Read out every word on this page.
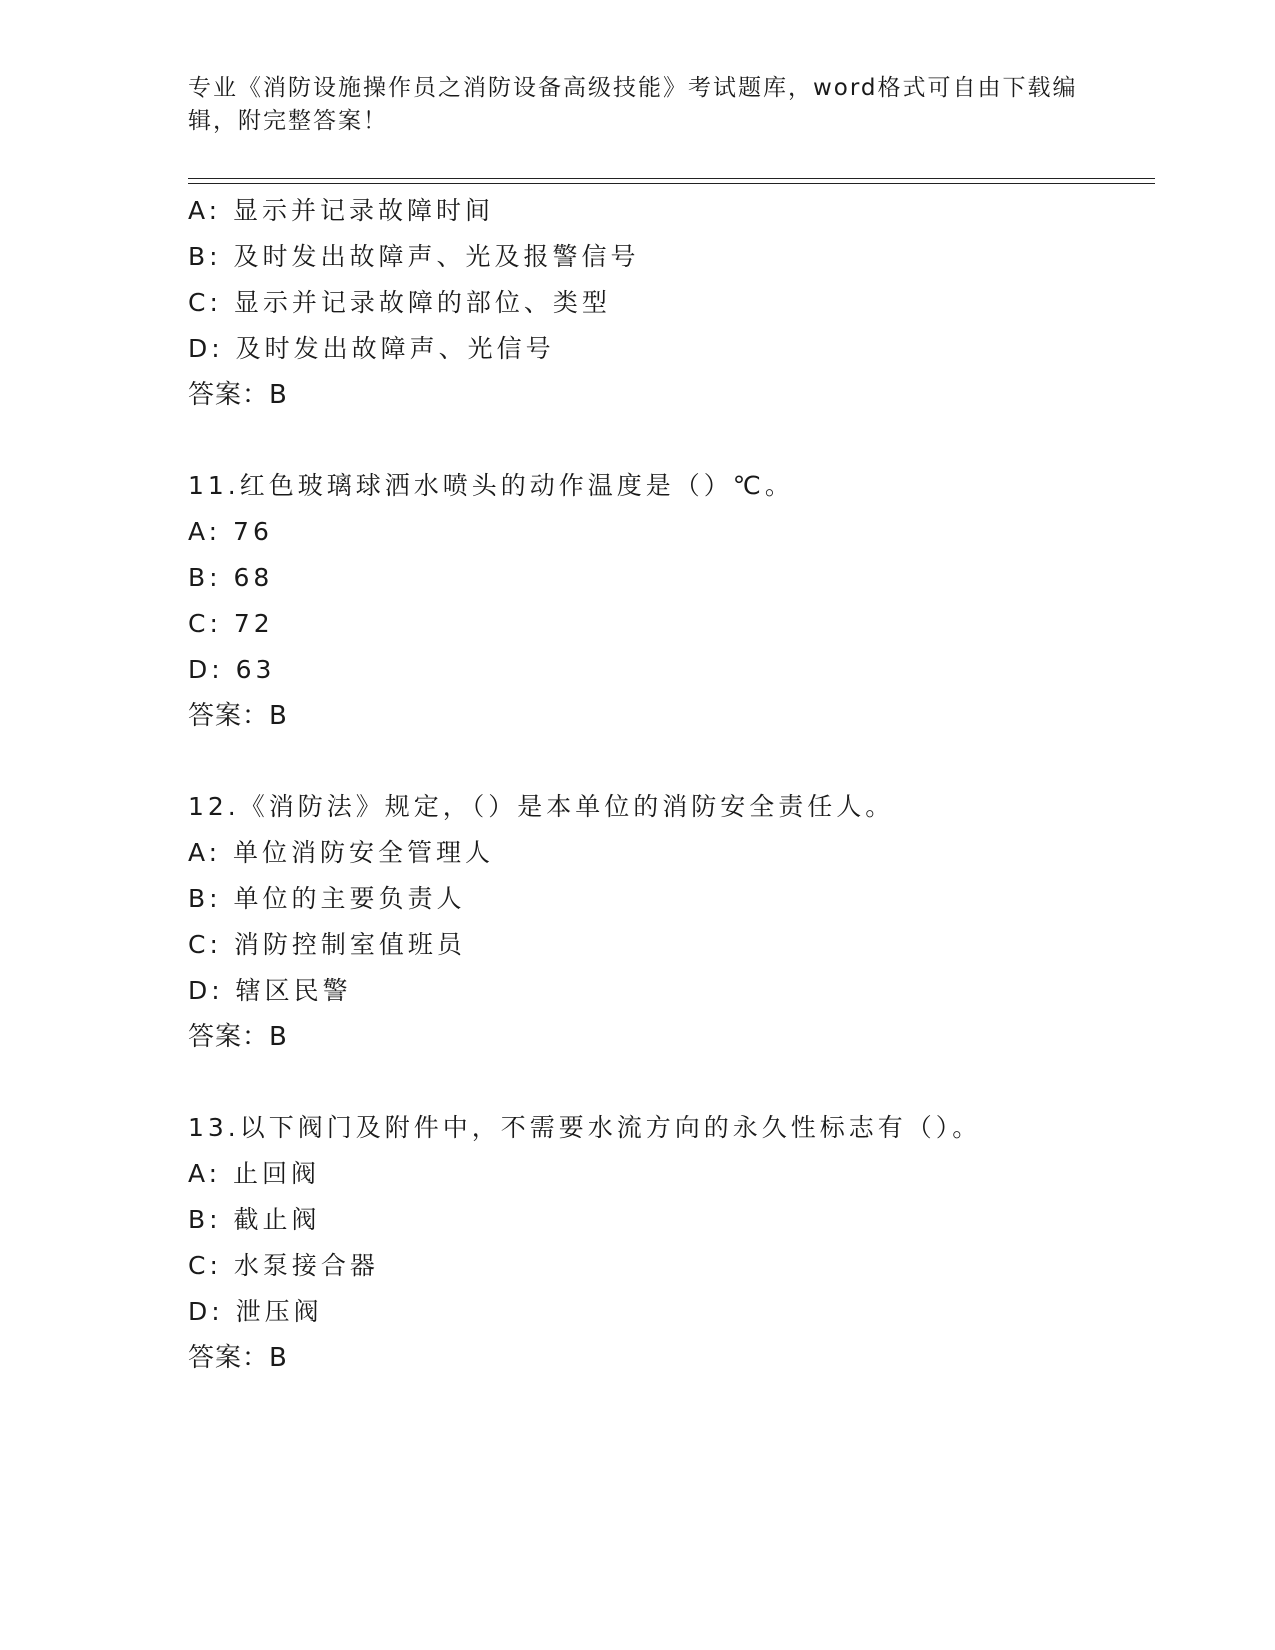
专业《消防设施操作员之消防设备高级技能》考试题库，word格式可自由下载编辑，附完整答案！
A: 显示并记录故障时间
B: 及时发出故障声、光及报警信号
C: 显示并记录故障的部位、类型
D: 及时发出故障声、光信号
答案：B
11.红色玻璃球洒水喷头的动作温度是（）℃。
A: 76
B: 68
C: 72
D: 63
答案：B
12.《消防法》规定，（）是本单位的消防安全责任人。
A: 单位消防安全管理人
B: 单位的主要负责人
C: 消防控制室值班员
D: 辖区民警
答案：B
13.以下阀门及附件中，不需要水流方向的永久性标志有（）。
A: 止回阀
B: 截止阀
C: 水泵接合器
D: 泄压阀
答案：B
